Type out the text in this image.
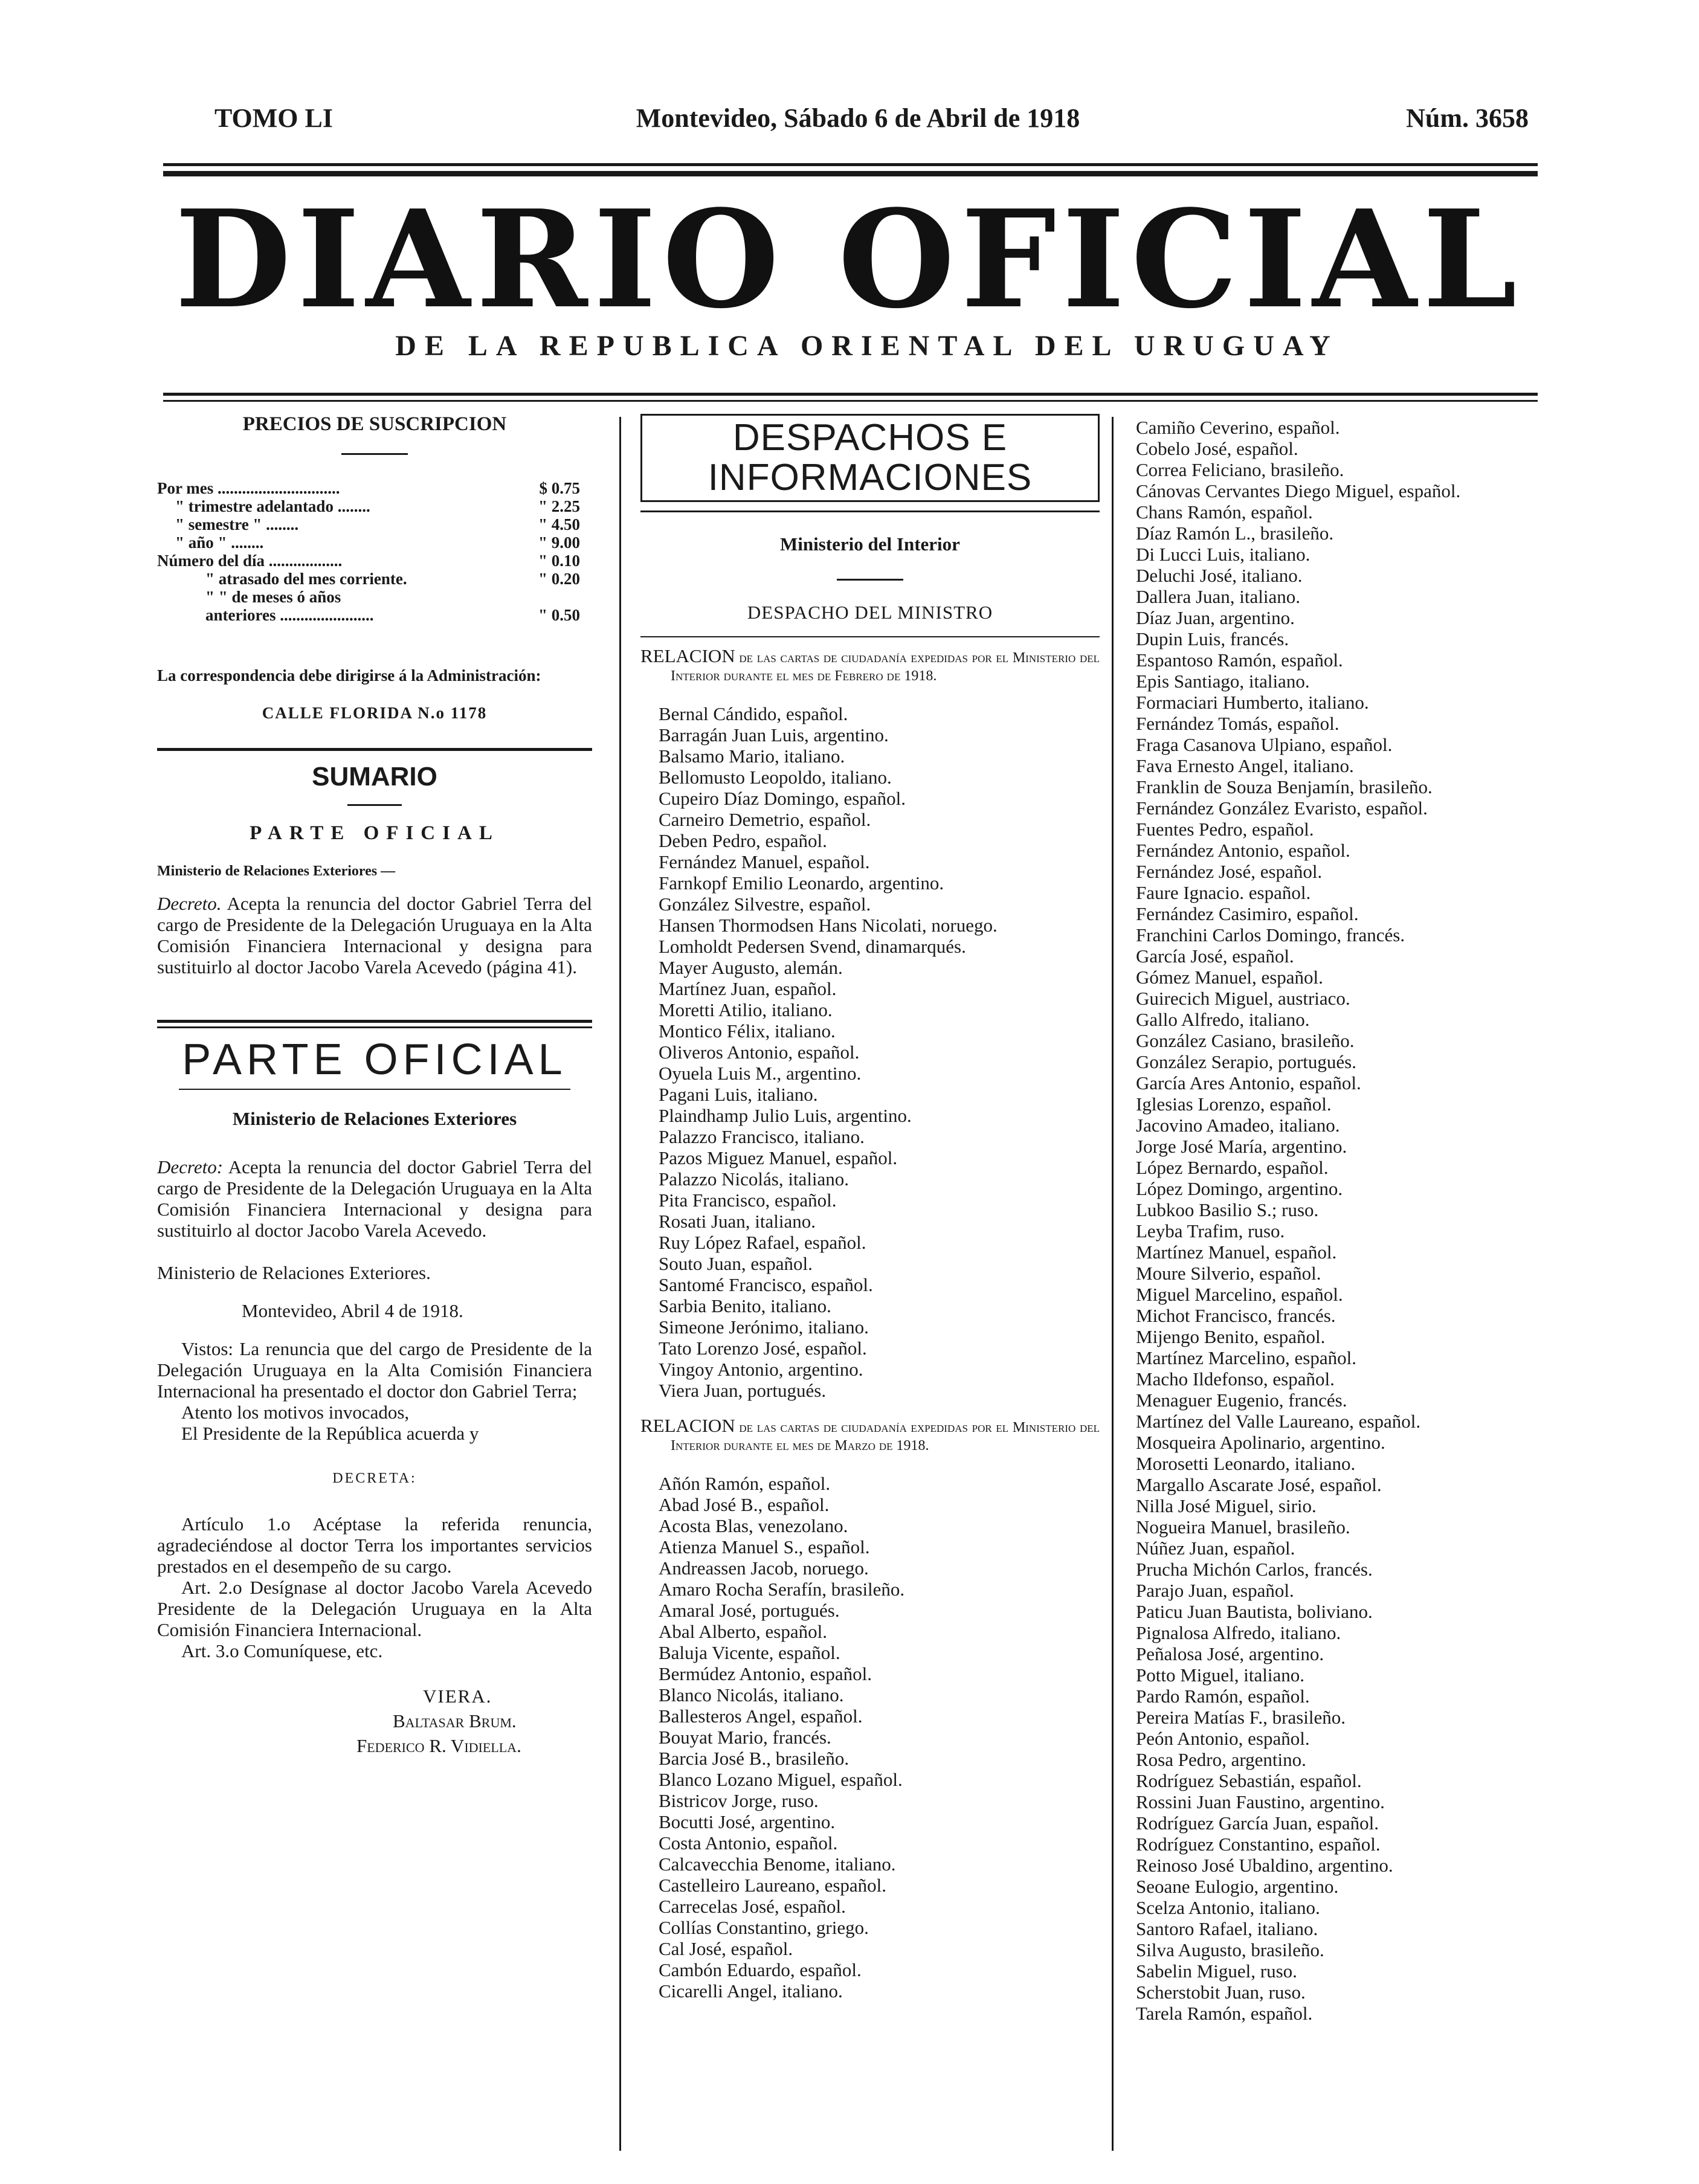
TOMO LI	Montevideo, Sábado 6 de Abril de 1918	Núm. 3658
DIARIO OFICIAL
DE LA REPUBLICA ORIENTAL DEL URUGUAY
PRECIOS DE SUSCRIPCION
Por mes ..............................	$ 0.75
" trimestre adelantado ........	" 2.25
" semestre " ........	" 4.50
" año " ........	" 9.00
Número del día ..................	" 0.10
" atrasado del mes corriente.	" 0.20
" " de meses ó años
anteriores .......................	" 0.50
La correspondencia debe dirigirse á la Administración:
CALLE FLORIDA N.o 1178
SUMARIO
PARTE OFICIAL
Ministerio de Relaciones Exteriores —
Decreto. Acepta la renuncia del doctor Gabriel Terra del cargo de Presidente de la Delegación Uruguaya en la Alta Comisión Financiera Internacional y designa para sustituirlo al doctor Jacobo Varela Acevedo (página 41).
PARTE OFICIAL
Ministerio de Relaciones Exteriores
Decreto: Acepta la renuncia del doctor Gabriel Terra del cargo de Presidente de la Delegación Uruguaya en la Alta Comisión Financiera Internacional y designa para sustituirlo al doctor Jacobo Varela Acevedo.
Ministerio de Relaciones Exteriores.
Montevideo, Abril 4 de 1918.
Vistos: La renuncia que del cargo de Presidente de la Delegación Uruguaya en la Alta Comisión Financiera Internacional ha presentado el doctor don Gabriel Terra;
Atento los motivos invocados,
El Presidente de la República acuerda y
DECRETA:
Artículo 1.o Acéptase la referida renuncia, agradeciéndose al doctor Terra los importantes servicios prestados en el desempeño de su cargo.
Art. 2.o Desígnase al doctor Jacobo Varela Acevedo Presidente de la Delegación Uruguaya en la Alta Comisión Financiera Internacional.
Art. 3.o Comuníquese, etc.
VIERA.
Baltasar Brum.
Federico R. Vidiella.
DESPACHOS E INFORMACIONES
Ministerio del Interior
DESPACHO DEL MINISTRO
RELACION de las cartas de ciudadanía expedidas por el Ministerio del Interior durante el mes de Febrero de 1918.
Bernal Cándido, español.
Barragán Juan Luis, argentino.
Balsamo Mario, italiano.
Bellomusto Leopoldo, italiano.
Cupeiro Díaz Domingo, español.
Carneiro Demetrio, español.
Deben Pedro, español.
Fernández Manuel, español.
Farnkopf Emilio Leonardo, argentino.
González Silvestre, español.
Hansen Thormodsen Hans Nicolati, noruego.
Lomholdt Pedersen Svend, dinamarqués.
Mayer Augusto, alemán.
Martínez Juan, español.
Moretti Atilio, italiano.
Montico Félix, italiano.
Oliveros Antonio, español.
Oyuela Luis M., argentino.
Pagani Luis, italiano.
Plaindhamp Julio Luis, argentino.
Palazzo Francisco, italiano.
Pazos Miguez Manuel, español.
Palazzo Nicolás, italiano.
Pita Francisco, español.
Rosati Juan, italiano.
Ruy López Rafael, español.
Souto Juan, español.
Santomé Francisco, español.
Sarbia Benito, italiano.
Simeone Jerónimo, italiano.
Tato Lorenzo José, español.
Vingoy Antonio, argentino.
Viera Juan, portugués.
RELACION de las cartas de ciudadanía expedidas por el Ministerio del Interior durante el mes de Marzo de 1918.
Añón Ramón, español.
Abad José B., español.
Acosta Blas, venezolano.
Atienza Manuel S., español.
Andreassen Jacob, noruego.
Amaro Rocha Serafín, brasileño.
Amaral José, portugués.
Abal Alberto, español.
Baluja Vicente, español.
Bermúdez Antonio, español.
Blanco Nicolás, italiano.
Ballesteros Angel, español.
Bouyat Mario, francés.
Barcia José B., brasileño.
Blanco Lozano Miguel, español.
Bistricov Jorge, ruso.
Bocutti José, argentino.
Costa Antonio, español.
Calcavecchia Benome, italiano.
Castelleiro Laureano, español.
Carrecelas José, español.
Collías Constantino, griego.
Cal José, español.
Cambón Eduardo, español.
Cicarelli Angel, italiano.
Camiño Ceverino, español.
Cobelo José, español.
Correa Feliciano, brasileño.
Cánovas Cervantes Diego Miguel, español.
Chans Ramón, español.
Díaz Ramón L., brasileño.
Di Lucci Luis, italiano.
Deluchi José, italiano.
Dallera Juan, italiano.
Díaz Juan, argentino.
Dupin Luis, francés.
Espantoso Ramón, español.
Epis Santiago, italiano.
Formaciari Humberto, italiano.
Fernández Tomás, español.
Fraga Casanova Ulpiano, español.
Fava Ernesto Angel, italiano.
Franklin de Souza Benjamín, brasileño.
Fernández González Evaristo, español.
Fuentes Pedro, español.
Fernández Antonio, español.
Fernández José, español.
Faure Ignacio. español.
Fernández Casimiro, español.
Franchini Carlos Domingo, francés.
García José, español.
Gómez Manuel, español.
Guirecich Miguel, austriaco.
Gallo Alfredo, italiano.
González Casiano, brasileño.
González Serapio, portugués.
García Ares Antonio, español.
Iglesias Lorenzo, español.
Jacovino Amadeo, italiano.
Jorge José María, argentino.
López Bernardo, español.
López Domingo, argentino.
Lubkoo Basilio S.; ruso.
Leyba Trafim, ruso.
Martínez Manuel, español.
Moure Silverio, español.
Miguel Marcelino, español.
Michot Francisco, francés.
Mijengo Benito, español.
Martínez Marcelino, español.
Macho Ildefonso, español.
Menaguer Eugenio, francés.
Martínez del Valle Laureano, español.
Mosqueira Apolinario, argentino.
Morosetti Leonardo, italiano.
Margallo Ascarate José, español.
Nilla José Miguel, sirio.
Nogueira Manuel, brasileño.
Núñez Juan, español.
Prucha Michón Carlos, francés.
Parajo Juan, español.
Paticu Juan Bautista, boliviano.
Pignalosa Alfredo, italiano.
Peñalosa José, argentino.
Potto Miguel, italiano.
Pardo Ramón, español.
Pereira Matías F., brasileño.
Peón Antonio, español.
Rosa Pedro, argentino.
Rodríguez Sebastián, español.
Rossini Juan Faustino, argentino.
Rodríguez García Juan, español.
Rodríguez Constantino, español.
Reinoso José Ubaldino, argentino.
Seoane Eulogio, argentino.
Scelza Antonio, italiano.
Santoro Rafael, italiano.
Silva Augusto, brasileño.
Sabelin Miguel, ruso.
Scherstobit Juan, ruso.
Tarela Ramón, español.
